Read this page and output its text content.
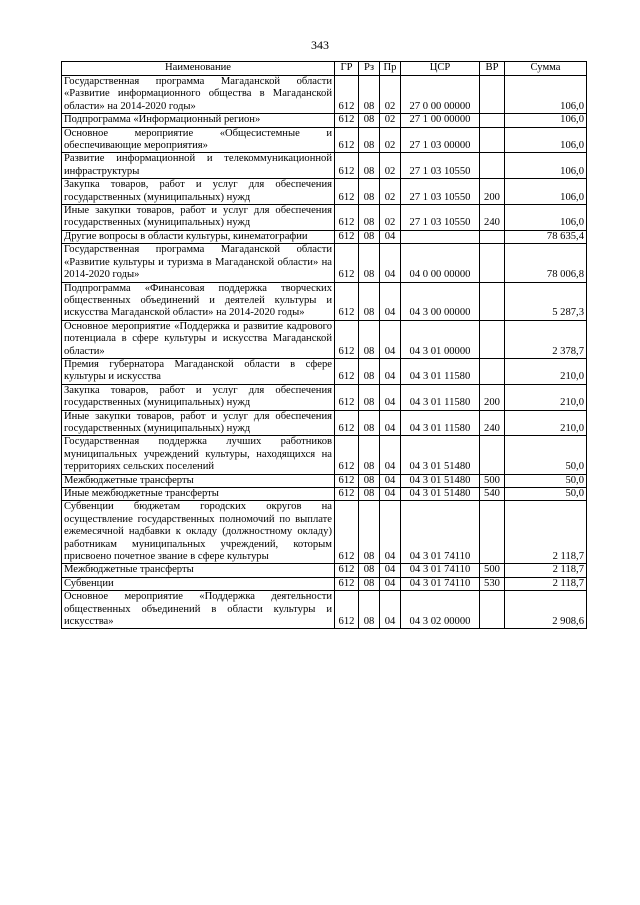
343
Наименование	ГР	Рз	Пр	ЦСР	ВР	Сумма
Государственная программа Магаданской области «Развитие информационного общества в Магаданской области» на 2014-2020 годы»	612	08	02	27 0 00 00000		106,0
Подпрограмма «Информационный регион»	612	08	02	27 1 00 00000		106,0
Основное мероприятие «Общесистемные и обеспечивающие мероприятия»	612	08	02	27 1 03 00000		106,0
Развитие информационной и телекоммуникационной инфраструктуры	612	08	02	27 1 03 10550		106,0
Закупка товаров, работ и услуг для обеспечения государственных (муниципальных) нужд	612	08	02	27 1 03 10550	200	106,0
Иные закупки товаров, работ и услуг для обеспечения государственных (муниципальных) нужд	612	08	02	27 1 03 10550	240	106,0
Другие вопросы в области культуры, кинематографии	612	08	04			78 635,4
Государственная программа Магаданской области «Развитие культуры и туризма в Магаданской области» на 2014-2020 годы»	612	08	04	04 0 00 00000		78 006,8
Подпрограмма «Финансовая поддержка творческих общественных объединений и деятелей культуры и искусства Магаданской области» на 2014-2020 годы»	612	08	04	04 3 00 00000		5 287,3
Основное мероприятие «Поддержка и развитие кадрового потенциала в сфере культуры и искусства Магаданской области»	612	08	04	04 3 01 00000		2 378,7
Премия губернатора Магаданской области в сфере культуры и искусства	612	08	04	04 3 01 11580		210,0
Закупка товаров, работ и услуг для обеспечения государственных (муниципальных) нужд	612	08	04	04 3 01 11580	200	210,0
Иные закупки товаров, работ и услуг для обеспечения государственных (муниципальных) нужд	612	08	04	04 3 01 11580	240	210,0
Государственная поддержка лучших работников муниципальных учреждений культуры, находящихся на территориях сельских поселений	612	08	04	04 3 01 51480		50,0
Межбюджетные трансферты	612	08	04	04 3 01 51480	500	50,0
Иные межбюджетные трансферты	612	08	04	04 3 01 51480	540	50,0
Субвенции бюджетам городских округов на осуществление государственных полномочий по выплате ежемесячной надбавки к окладу (должностному окладу) работникам муниципальных учреждений, которым присвоено почетное звание в сфере культуры	612	08	04	04 3 01 74110		2 118,7
Межбюджетные трансферты	612	08	04	04 3 01 74110	500	2 118,7
Субвенции	612	08	04	04 3 01 74110	530	2 118,7
Основное мероприятие «Поддержка деятельности общественных объединений в области культуры и искусства»	612	08	04	04 3 02 00000		2 908,6
